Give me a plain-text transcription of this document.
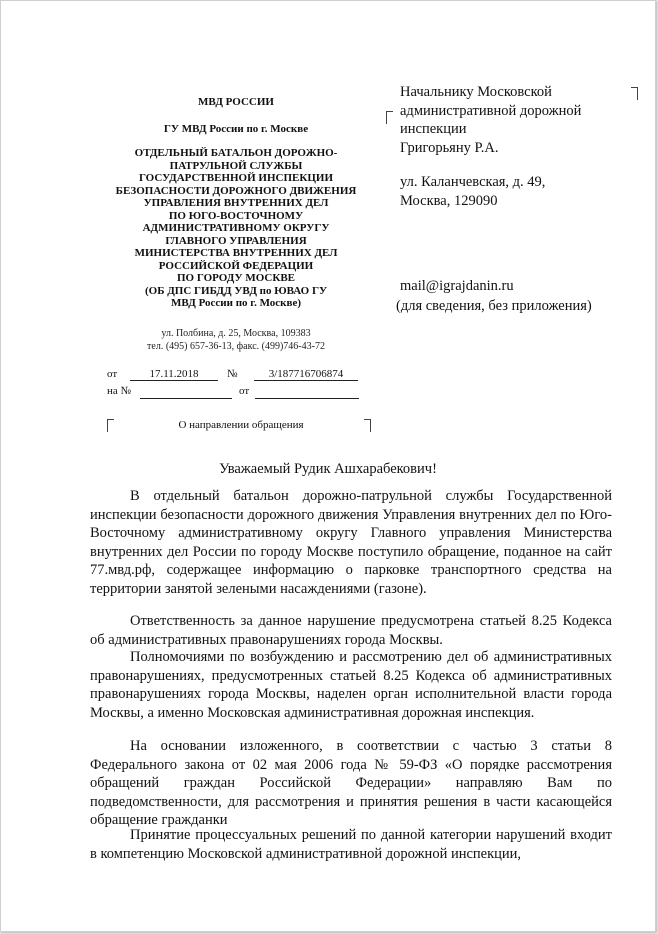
МВД РОССИИ
ГУ МВД России по г. Москве
ОТДЕЛЬНЫЙ БАТАЛЬОН ДОРОЖНО-
ПАТРУЛЬНОЙ СЛУЖБЫ
ГОСУДАРСТВЕННОЙ ИНСПЕКЦИИ
БЕЗОПАСНОСТИ ДОРОЖНОГО ДВИЖЕНИЯ
УПРАВЛЕНИЯ ВНУТРЕННИХ ДЕЛ
ПО ЮГО-ВОСТОЧНОМУ
АДМИНИСТРАТИВНОМУ ОКРУГУ
ГЛАВНОГО УПРАВЛЕНИЯ
МИНИСТЕРСТВА ВНУТРЕННИХ ДЕЛ
РОССИЙСКОЙ ФЕДЕРАЦИИ
ПО ГОРОДУ МОСКВЕ
(ОБ ДПС ГИБДД УВД по ЮВАО ГУ
МВД России по г. Москве)
ул. Полбина, д. 25, Москва, 109383
тел. (495) 657-36-13, факс. (499)746-43-72
от	17.11.2018	№	3/187716706874
на №	от
О направлении обращения
Начальнику Московской
административной дорожной
инспекции
Григорьяну Р.А.
ул. Каланчевская, д. 49,
Москва, 129090
mail@igrajdanin.ru
(для сведения, без приложения)
Уважаемый Рудик Ашхарабекович!
В отдельный батальон дорожно-патрульной службы Государственной инспекции безопасности дорожного движения Управления внутренних дел по Юго-Восточному административному округу Главного управления Министерства внутренних дел России по городу Москве поступило обращение, поданное на сайт 77.мвд.рф, содержащее информацию о парковке транспортного средства на территории занятой зелеными насаждениями (газоне).
Ответственность за данное нарушение предусмотрена статьей 8.25 Кодекса об административных правонарушениях города Москвы.
Полномочиями по возбуждению и рассмотрению дел об административных правонарушениях, предусмотренных статьей 8.25 Кодекса об административных правонарушениях города Москвы, наделен орган исполнительной власти города Москвы, а именно Московская административная дорожная инспекция.
На основании изложенного, в соответствии с частью 3 статьи 8 Федерального закона от 02 мая 2006 года № 59-ФЗ «О порядке рассмотрения обращений граждан Российской Федерации» направляю Вам по подведомственности, для рассмотрения и принятия решения в части касающейся обращение гражданки
Принятие процессуальных решений по данной категории нарушений входит в компетенцию Московской административной дорожной инспекции,
